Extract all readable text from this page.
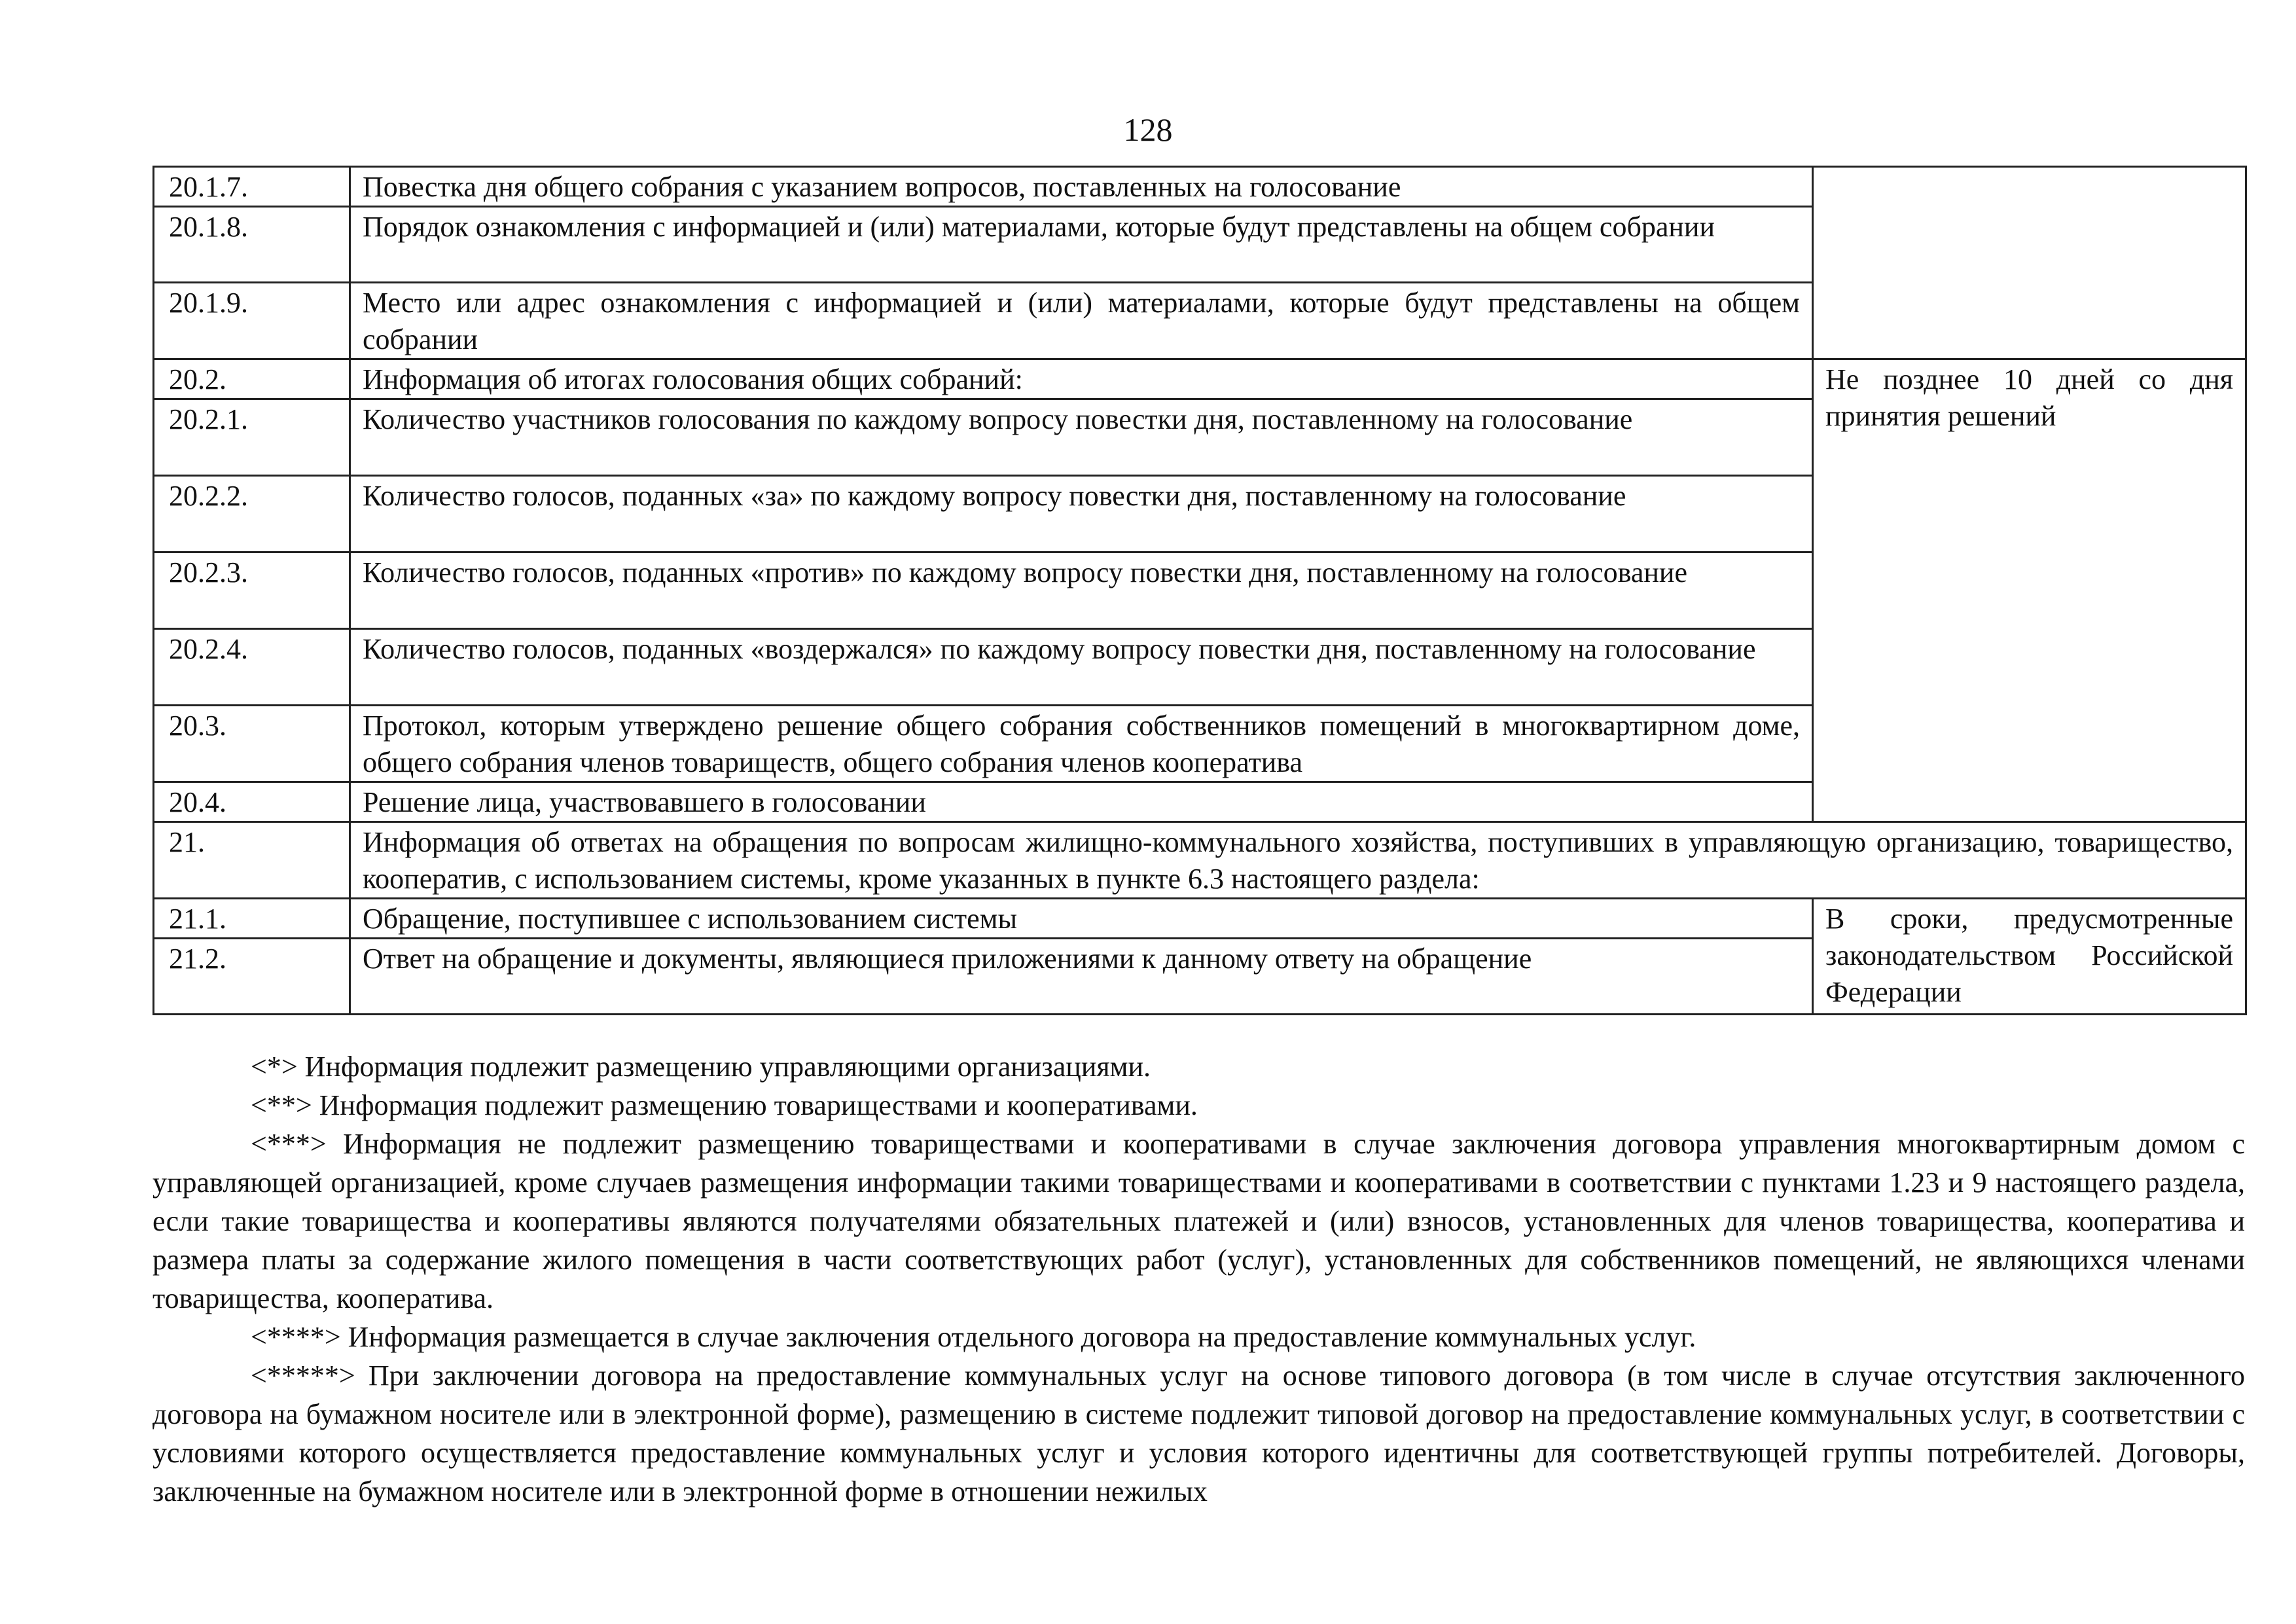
128
20.1.7.	Повестка дня общего собрания с указанием вопросов, поставленных на голосование	
20.1.8.	Порядок ознакомления с информацией и (или) материалами, которые будут представлены на общем собрании	
20.1.9.	Место или адрес ознакомления с информацией и (или) материалами, которые будут представлены на общем собрании	
20.2.	Информация об итогах голосования общих собраний:	Не позднее 10 дней со дня принятия решений
20.2.1.	Количество участников голосования по каждому вопросу повестки дня, поставленному на голосование	
20.2.2.	Количество голосов, поданных «за» по каждому вопросу повестки дня, поставленному на голосование	
20.2.3.	Количество голосов, поданных «против» по каждому вопросу повестки дня, поставленному на голосование	
20.2.4.	Количество голосов, поданных «воздержался» по каждому вопросу повестки дня, поставленному на голосование	
20.3.	Протокол, которым утверждено решение общего собрания собственников помещений в многоквартирном доме, общего собрания членов товариществ, общего собрания членов кооператива	
20.4.	Решение лица, участвовавшего в голосовании	
21.	Информация об ответах на обращения по вопросам жилищно-коммунального хозяйства, поступивших в управляющую организацию, товарищество, кооператив, с использованием системы, кроме указанных в пункте 6.3 настоящего раздела:	
21.1.	Обращение, поступившее с использованием системы	В сроки, предусмотренные законодательством Российской Федерации
21.2.	Ответ на обращение и документы, являющиеся приложениями к данному ответу на обращение	

<*> Информация подлежит размещению управляющими организациями.

<**> Информация подлежит размещению товариществами и кооперативами.

<***> Информация не подлежит размещению товариществами и кооперативами в случае заключения договора управления многоквартирным домом с управляющей организацией, кроме случаев размещения информации такими товариществами и кооперативами в соответствии с пунктами 1.23 и 9 настоящего раздела, если такие товарищества и кооперативы являются получателями обязательных платежей и (или) взносов, установленных для членов товарищества, кооператива и размера платы за содержание жилого помещения в части соответствующих работ (услуг), установленных для собственников помещений, не являющихся членами товарищества, кооператива.

<****> Информация размещается в случае заключения отдельного договора на предоставление коммунальных услуг.

<*****> При заключении договора на предоставление коммунальных услуг на основе типового договора (в том числе в случае отсутствия заключенного договора на бумажном носителе или в электронной форме), размещению в системе подлежит типовой договор на предоставление коммунальных услуг, в соответствии с условиями которого осуществляется предоставление коммунальных услуг и условия которого идентичны для соответствующей группы потребителей. Договоры, заключенные на бумажном носителе или в электронной форме в отношении нежилых
